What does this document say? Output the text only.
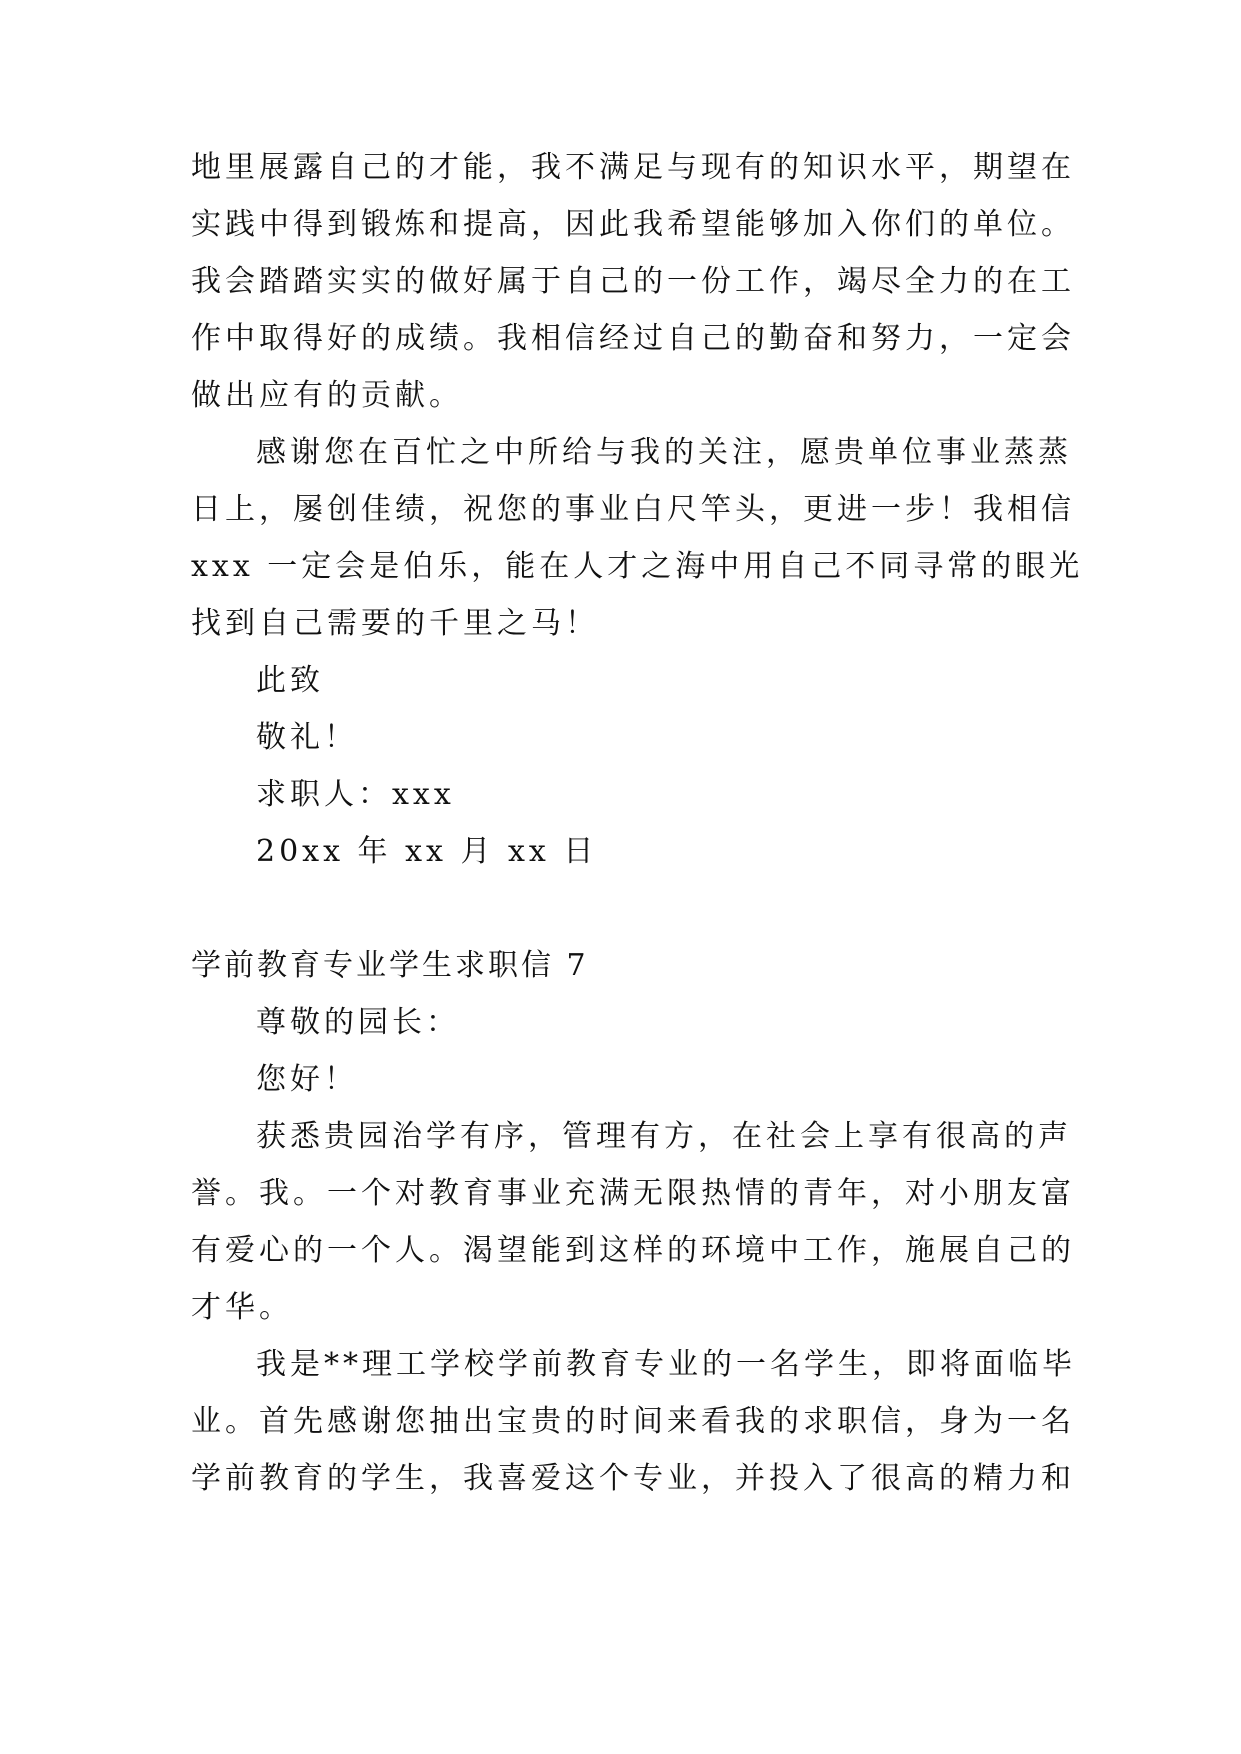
地里展露自己的才能，我不满足与现有的知识水平，期望在
实践中得到锻炼和提高，因此我希望能够加入你们的单位。
我会踏踏实实的做好属于自己的一份工作，竭尽全力的在工
作中取得好的成绩。我相信经过自己的勤奋和努力，一定会
做出应有的贡献。
感谢您在百忙之中所给与我的关注，愿贵单位事业蒸蒸
日上，屡创佳绩，祝您的事业白尺竿头，更进一步！我相信
xxx 一定会是伯乐，能在人才之海中用自己不同寻常的眼光
找到自己需要的千里之马！
此致
敬礼！
求职人：xxx
20xx 年 xx 月 xx 日
学前教育专业学生求职信 7
尊敬的园长：
您好！
获悉贵园治学有序，管理有方，在社会上享有很高的声
誉。我。一个对教育事业充满无限热情的青年，对小朋友富
有爱心的一个人。渴望能到这样的环境中工作，施展自己的
才华。
我是**理工学校学前教育专业的一名学生，即将面临毕
业。首先感谢您抽出宝贵的时间来看我的求职信，身为一名
学前教育的学生，我喜爱这个专业，并投入了很高的精力和
